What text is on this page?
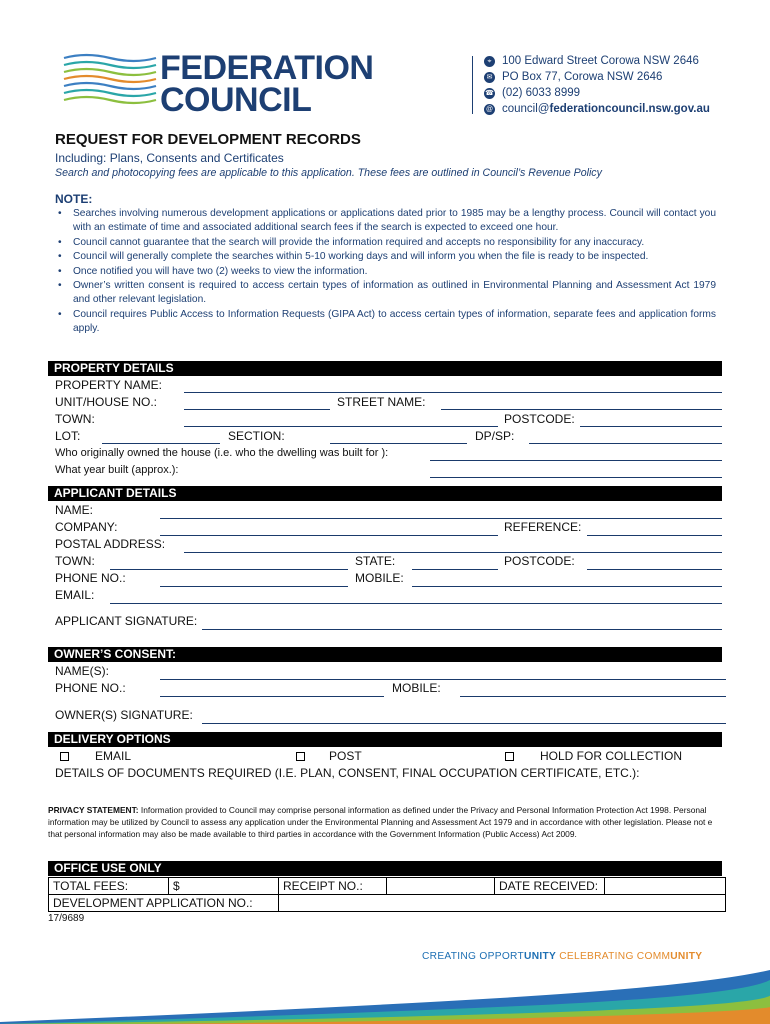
FEDERATION
COUNCIL
⌖ 100 Edward Street Corowa NSW 2646
✉ PO Box 77, Corowa NSW 2646
☎ (02) 6033 8999
@ council@federationcouncil.nsw.gov.au
REQUEST FOR DEVELOPMENT RECORDS
Including: Plans, Consents and Certificates
Search and photocopying fees are applicable to this application. These fees are outlined in Council’s Revenue Policy
NOTE:
• Searches involving numerous development applications or applications dated prior to 1985 may be a lengthy process. Council will contact you with an estimate of time and associated additional search fees if the search is expected to exceed one hour.
• Council cannot guarantee that the search will provide the information required and accepts no responsibility for any inaccuracy.
• Council will generally complete the searches within 5-10 working days and will inform you when the file is ready to be inspected.
• Once notified you will have two (2) weeks to view the information.
• Owner’s written consent is required to access certain types of information as outlined in Environmental Planning and Assessment Act 1979 and other relevant legislation.
• Council requires Public Access to Information Requests (GIPA Act) to access certain types of information, separate fees and application forms apply.
PROPERTY DETAILS
PROPERTY NAME:
UNIT/HOUSE NO.:	STREET NAME:
TOWN:	POSTCODE:
LOT:	SECTION:	DP/SP:
Who originally owned the house (i.e. who the dwelling was built for ):
What year built (approx.):
APPLICANT DETAILS
NAME:
COMPANY:	REFERENCE:
POSTAL ADDRESS:
TOWN:	STATE:	POSTCODE:
PHONE NO.:	MOBILE:
EMAIL:
APPLICANT SIGNATURE:
OWNER’S CONSENT:
NAME(S):
PHONE NO.:	MOBILE:
OWNER(S) SIGNATURE:
DELIVERY OPTIONS
EMAIL	POST	HOLD FOR COLLECTION
DETAILS OF DOCUMENTS REQUIRED (I.E. PLAN, CONSENT, FINAL OCCUPATION CERTIFICATE, ETC.):
PRIVACY STATEMENT: Information provided to Council may comprise personal information as defined under the Privacy and Personal Information Protection Act 1998. Personal information may be utilized by Council to assess any application under the Environmental Planning and Assessment Act 1979 and in accordance with other legislation. Please not e that personal information may also be made available to third parties in accordance with the Government Information (Public Access) Act 2009.
OFFICE USE ONLY
TOTAL FEES:	$	RECEIPT NO.:		DATE RECEIVED:	
DEVELOPMENT APPLICATION NO.:					
17/9689
CREATING OPPORTUNITY CELEBRATING COMMUNITY
